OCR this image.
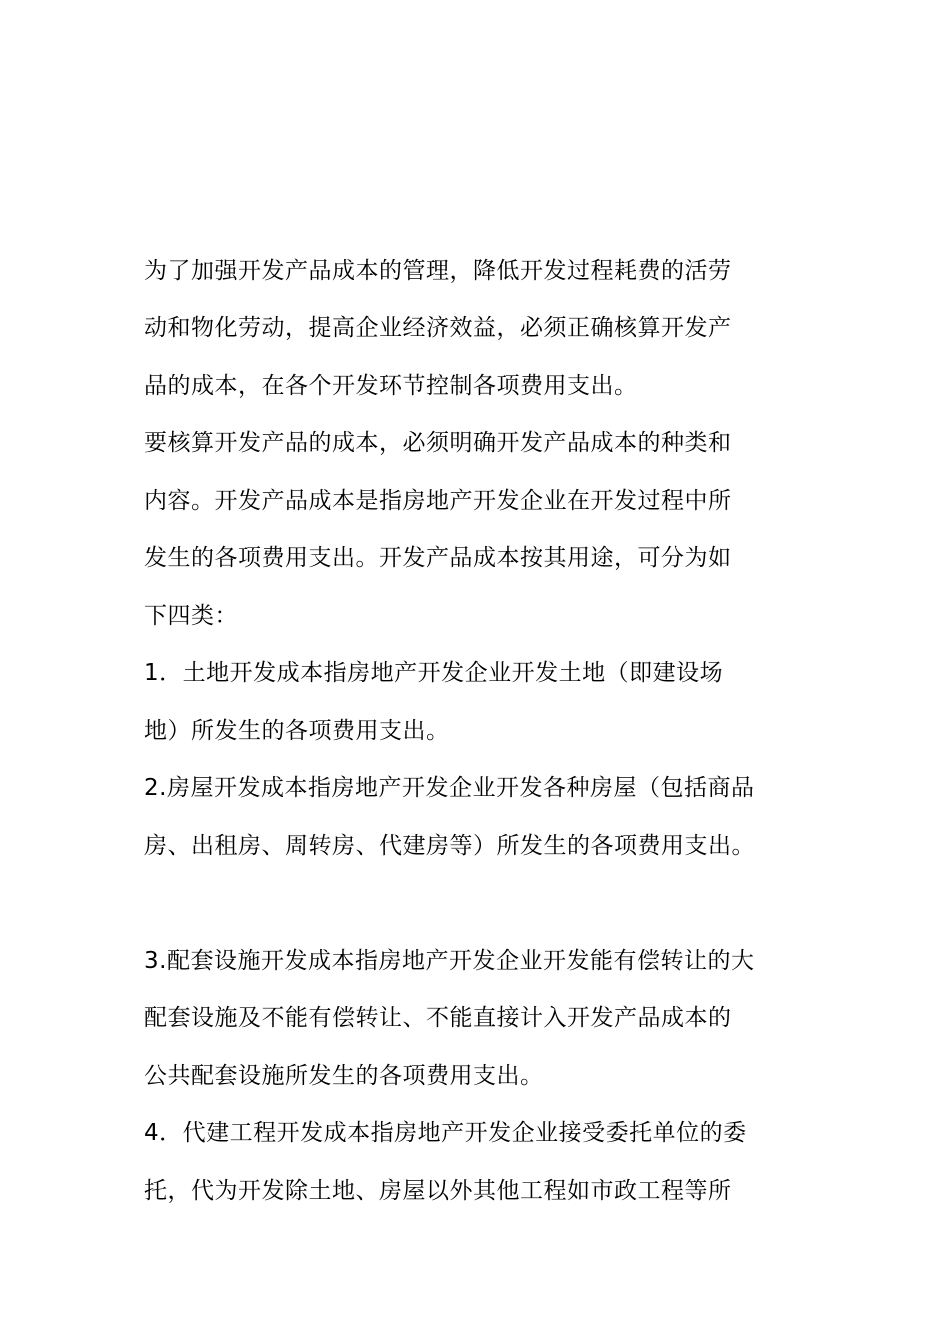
为了加强开发产品成本的管理，降低开发过程耗费的活劳
动和物化劳动，提高企业经济效益，必须正确核算开发产
品的成本，在各个开发环节控制各项费用支出。
要核算开发产品的成本，必须明确开发产品成本的种类和
内容。开发产品成本是指房地产开发企业在开发过程中所
发生的各项费用支出。开发产品成本按其用途，可分为如
下四类：
1．土地开发成本指房地产开发企业开发土地（即建设场
地）所发生的各项费用支出。
2.房屋开发成本指房地产开发企业开发各种房屋（包括商品
房、出租房、周转房、代建房等）所发生的各项费用支出。
3.配套设施开发成本指房地产开发企业开发能有偿转让的大
配套设施及不能有偿转让、不能直接计入开发产品成本的
公共配套设施所发生的各项费用支出。
4．代建工程开发成本指房地产开发企业接受委托单位的委
托，代为开发除土地、房屋以外其他工程如市政工程等所
